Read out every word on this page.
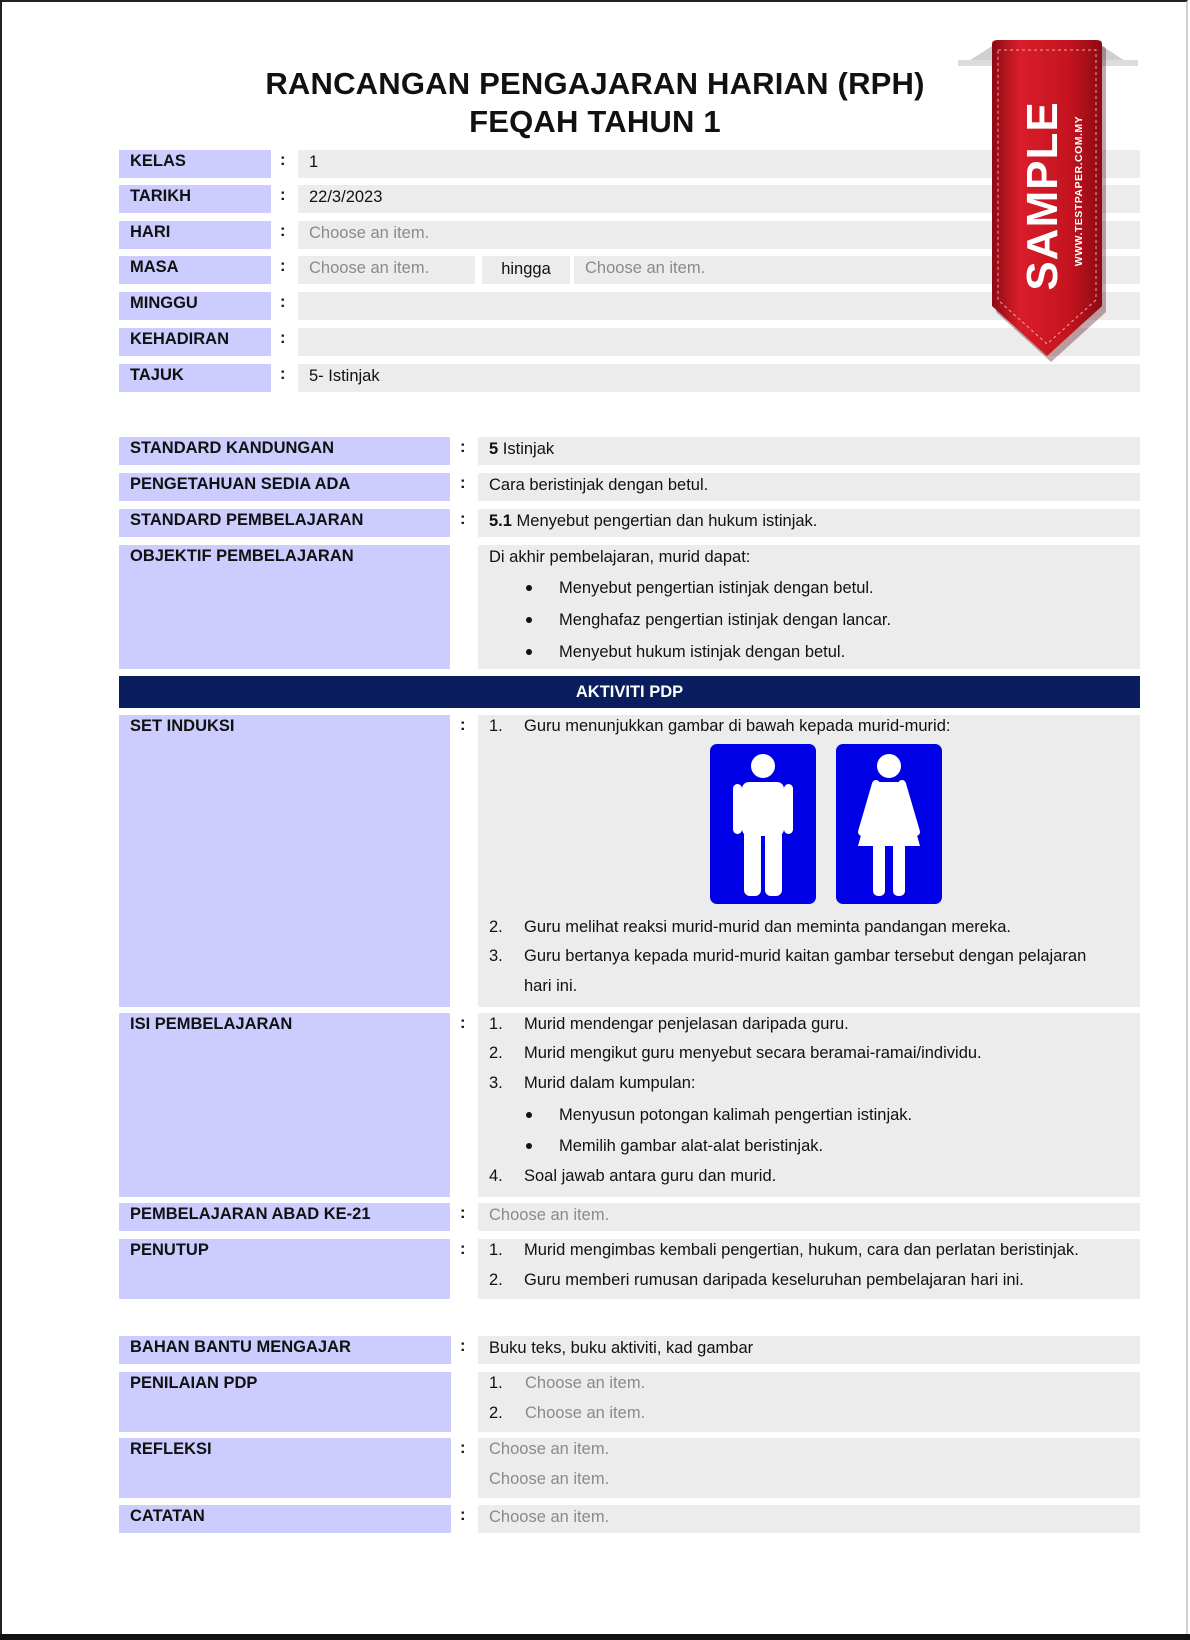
RANCANGAN PENGAJARAN HARIAN (RPH)
FEQAH TAHUN 1
KELAS	:	1
TARIKH	:	22/3/2023
HARI	:	Choose an item.
MASA	:	Choose an item.	hingga	Choose an item.
MINGGU	:
KEHADIRAN	:
TAJUK	:	5- Istinjak
STANDARD KANDUNGAN	:	5 Istinjak
PENGETAHUAN SEDIA ADA	:	Cara beristinjak dengan betul.
STANDARD PEMBELAJARAN	:	5.1 Menyebut pengertian dan hukum istinjak.
OBJEKTIF PEMBELAJARAN	Di akhir pembelajaran, murid dapat:
Menyebut pengertian istinjak dengan betul.
Menghafaz pengertian istinjak dengan lancar.
Menyebut hukum istinjak dengan betul.
AKTIVITI PDP
SET INDUKSI	: 1. Guru menunjukkan gambar di bawah kepada murid-murid:
2. Guru melihat reaksi murid-murid dan meminta pandangan mereka.
3. Guru bertanya kepada murid-murid kaitan gambar tersebut dengan pelajaran
hari ini.
ISI PEMBELAJARAN	: 1. Murid mendengar penjelasan daripada guru.
2. Murid mengikut guru menyebut secara beramai-ramai/individu.
3. Murid dalam kumpulan:
Menyusun potongan kalimah pengertian istinjak.
Memilih gambar alat-alat beristinjak.
4. Soal jawab antara guru dan murid.
PEMBELAJARAN ABAD KE-21	:	Choose an item.
PENUTUP	: 1. Murid mengimbas kembali pengertian, hukum, cara dan perlatan beristinjak.
2. Guru memberi rumusan daripada keseluruhan pembelajaran hari ini.
BAHAN BANTU MENGAJAR	:	Buku teks, buku aktiviti, kad gambar
PENILAIAN PDP	1. Choose an item.
2. Choose an item.
REFLEKSI	: Choose an item.
Choose an item.
CATATAN	:	Choose an item.
SAMPLE WWW.TESTPAPER.COM.MY
